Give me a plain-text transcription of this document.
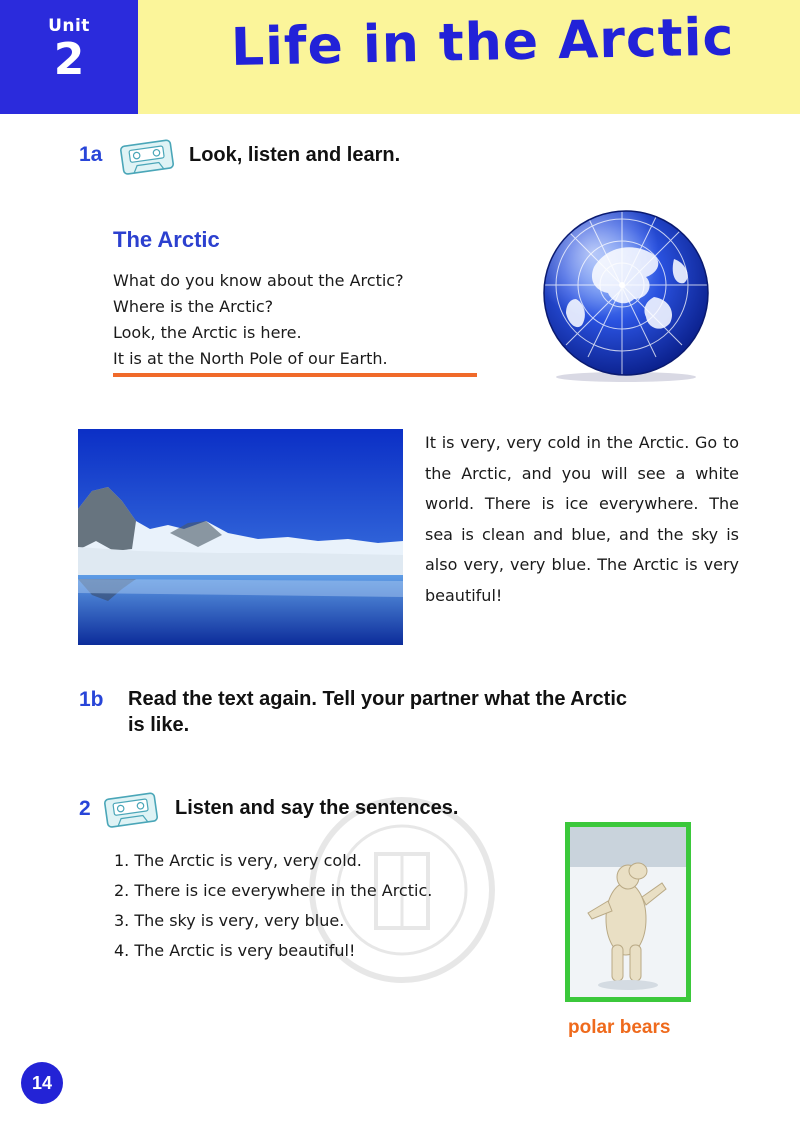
Unit
2	Life in the Arctic
1a	Look, listen and learn.
The Arctic
What do you know about the Arctic?
Where is the Arctic?
Look, the Arctic is here.
It is at the North Pole of our Earth.
It is very, very cold in the Arctic. Go to the Arctic, and you will see a white world. There is ice everywhere. The sea is clean and blue, and the sky is also very, very blue. The Arctic is very beautiful!
1b Read the text again. Tell your partner what the Arctic
is like.
2	Listen and say the sentences.
1. The Arctic is very, very cold.
2. There is ice everywhere in the Arctic.
3. The sky is very, very blue.
4. The Arctic is very beautiful!
polar bears
14
